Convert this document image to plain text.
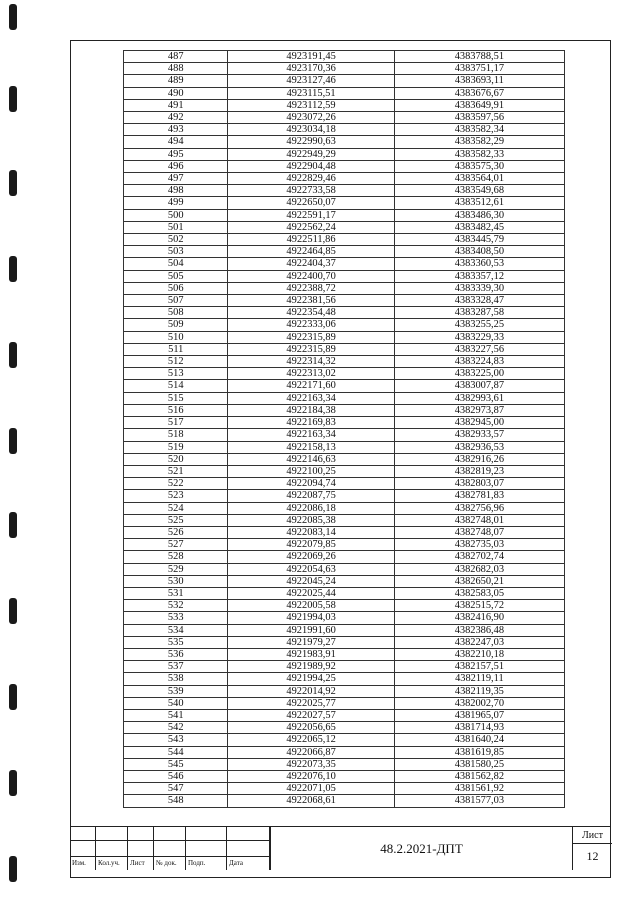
487	4923191,45	4383788,51
488	4923170,36	4383751,17
489	4923127,46	4383693,11
490	4923115,51	4383676,67
491	4923112,59	4383649,91
492	4923072,26	4383597,56
493	4923034,18	4383582,34
494	4922990,63	4383582,29
495	4922949,29	4383582,33
496	4922904,48	4383575,30
497	4922829,46	4383564,01
498	4922733,58	4383549,68
499	4922650,07	4383512,61
500	4922591,17	4383486,30
501	4922562,24	4383482,45
502	4922511,86	4383445,79
503	4922464,85	4383408,50
504	4922404,37	4383360,53
505	4922400,70	4383357,12
506	4922388,72	4383339,30
507	4922381,56	4383328,47
508	4922354,48	4383287,58
509	4922333,06	4383255,25
510	4922315,89	4383229,33
511	4922315,89	4383227,56
512	4922314,32	4383224,83
513	4922313,02	4383225,00
514	4922171,60	4383007,87
515	4922163,34	4382993,61
516	4922184,38	4382973,87
517	4922169,83	4382945,00
518	4922163,34	4382933,57
519	4922158,13	4382936,53
520	4922146,63	4382916,26
521	4922100,25	4382819,23
522	4922094,74	4382803,07
523	4922087,75	4382781,83
524	4922086,18	4382756,96
525	4922085,38	4382748,01
526	4922083,14	4382748,07
527	4922079,85	4382735,03
528	4922069,26	4382702,74
529	4922054,63	4382682,03
530	4922045,24	4382650,21
531	4922025,44	4382583,05
532	4922005,58	4382515,72
533	4921994,03	4382416,90
534	4921991,60	4382386,48
535	4921979,27	4382247,03
536	4921983,91	4382210,18
537	4921989,92	4382157,51
538	4921994,25	4382119,11
539	4922014,92	4382119,35
540	4922025,77	4382002,70
541	4922027,57	4381965,07
542	4922056,65	4381714,93
543	4922065,12	4381640,24
544	4922066,87	4381619,85
545	4922073,35	4381580,25
546	4922076,10	4381562,82
547	4922071,05	4381561,92
548	4922068,61	4381577,03
Изм. Кол.уч. Лист № док. Подп.	Дата
48.2.2021-ДПТ
Лист
12
